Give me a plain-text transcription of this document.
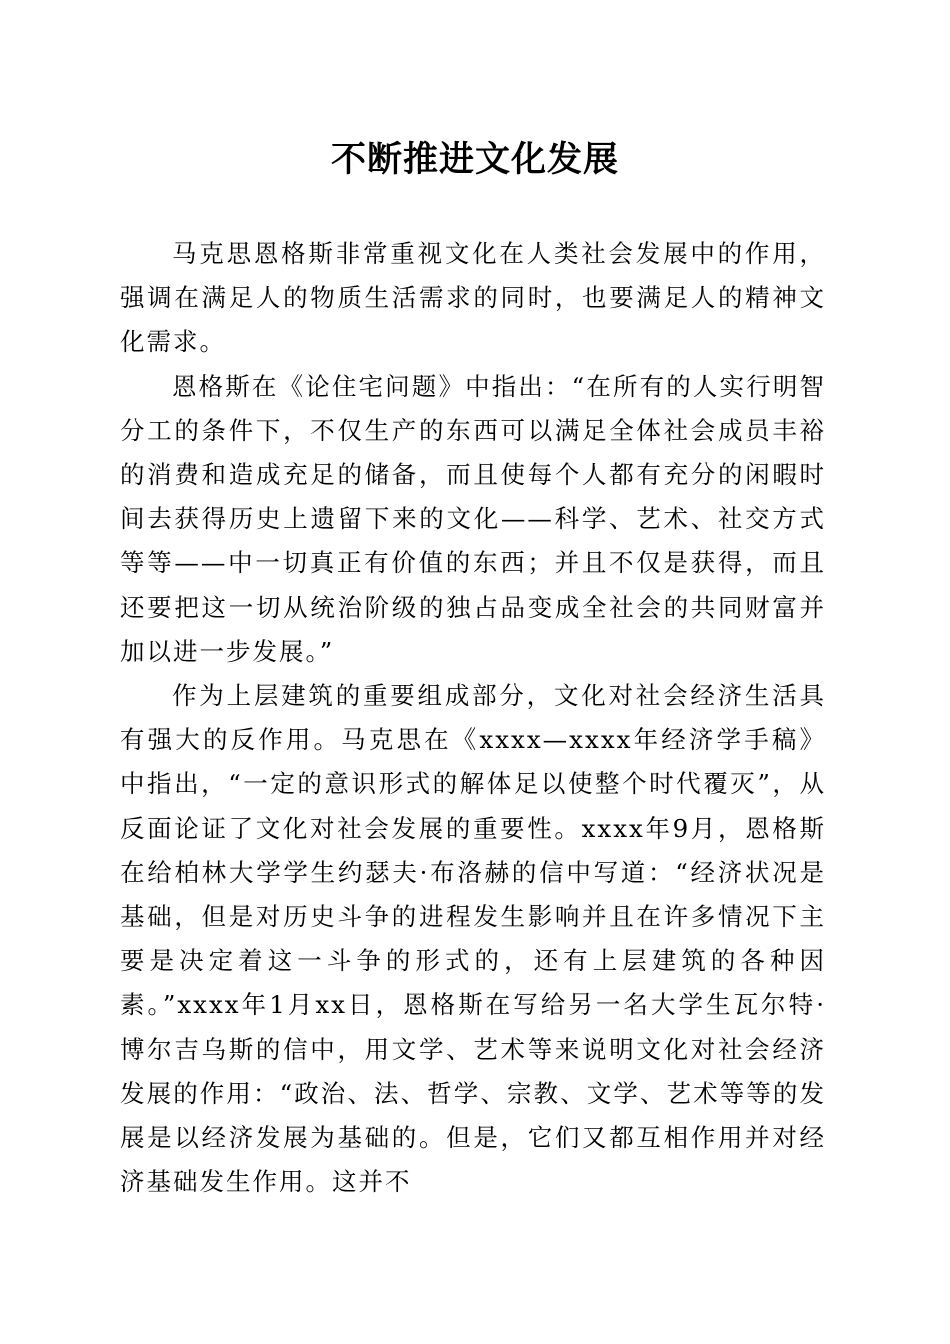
不断推进文化发展

马克思恩格斯非常重视文化在人类社会发展中的作用，强调在满足人的物质生活需求的同时，也要满足人的精神文化需求。

恩格斯在《论住宅问题》中指出：“在所有的人实行明智分工的条件下，不仅生产的东西可以满足全体社会成员丰裕的消费和造成充足的储备，而且使每个人都有充分的闲暇时间去获得历史上遗留下来的文化——科学、艺术、社交方式等等——中一切真正有价值的东西；并且不仅是获得，而且还要把这一切从统治阶级的独占品变成全社会的共同财富并加以进一步发展。”

作为上层建筑的重要组成部分，文化对社会经济生活具有强大的反作用。马克思在《xxxx—xxxx年经济学手稿》中指出，“一定的意识形式的解体足以使整个时代覆灭”，从反面论证了文化对社会发展的重要性。xxxx年9月，恩格斯在给柏林大学学生约瑟夫·布洛赫的信中写道：“经济状况是基础，但是对历史斗争的进程发生影响并且在许多情况下主要是决定着这一斗争的形式的，还有上层建筑的各种因素。”xxxx年1月xx日，恩格斯在写给另一名大学生瓦尔特·博尔吉乌斯的信中，用文学、艺术等来说明文化对社会经济发展的作用：“政治、法、哲学、宗教、文学、艺术等等的发展是以经济发展为基础的。但是，它们又都互相作用并对经济基础发生作用。这并不
